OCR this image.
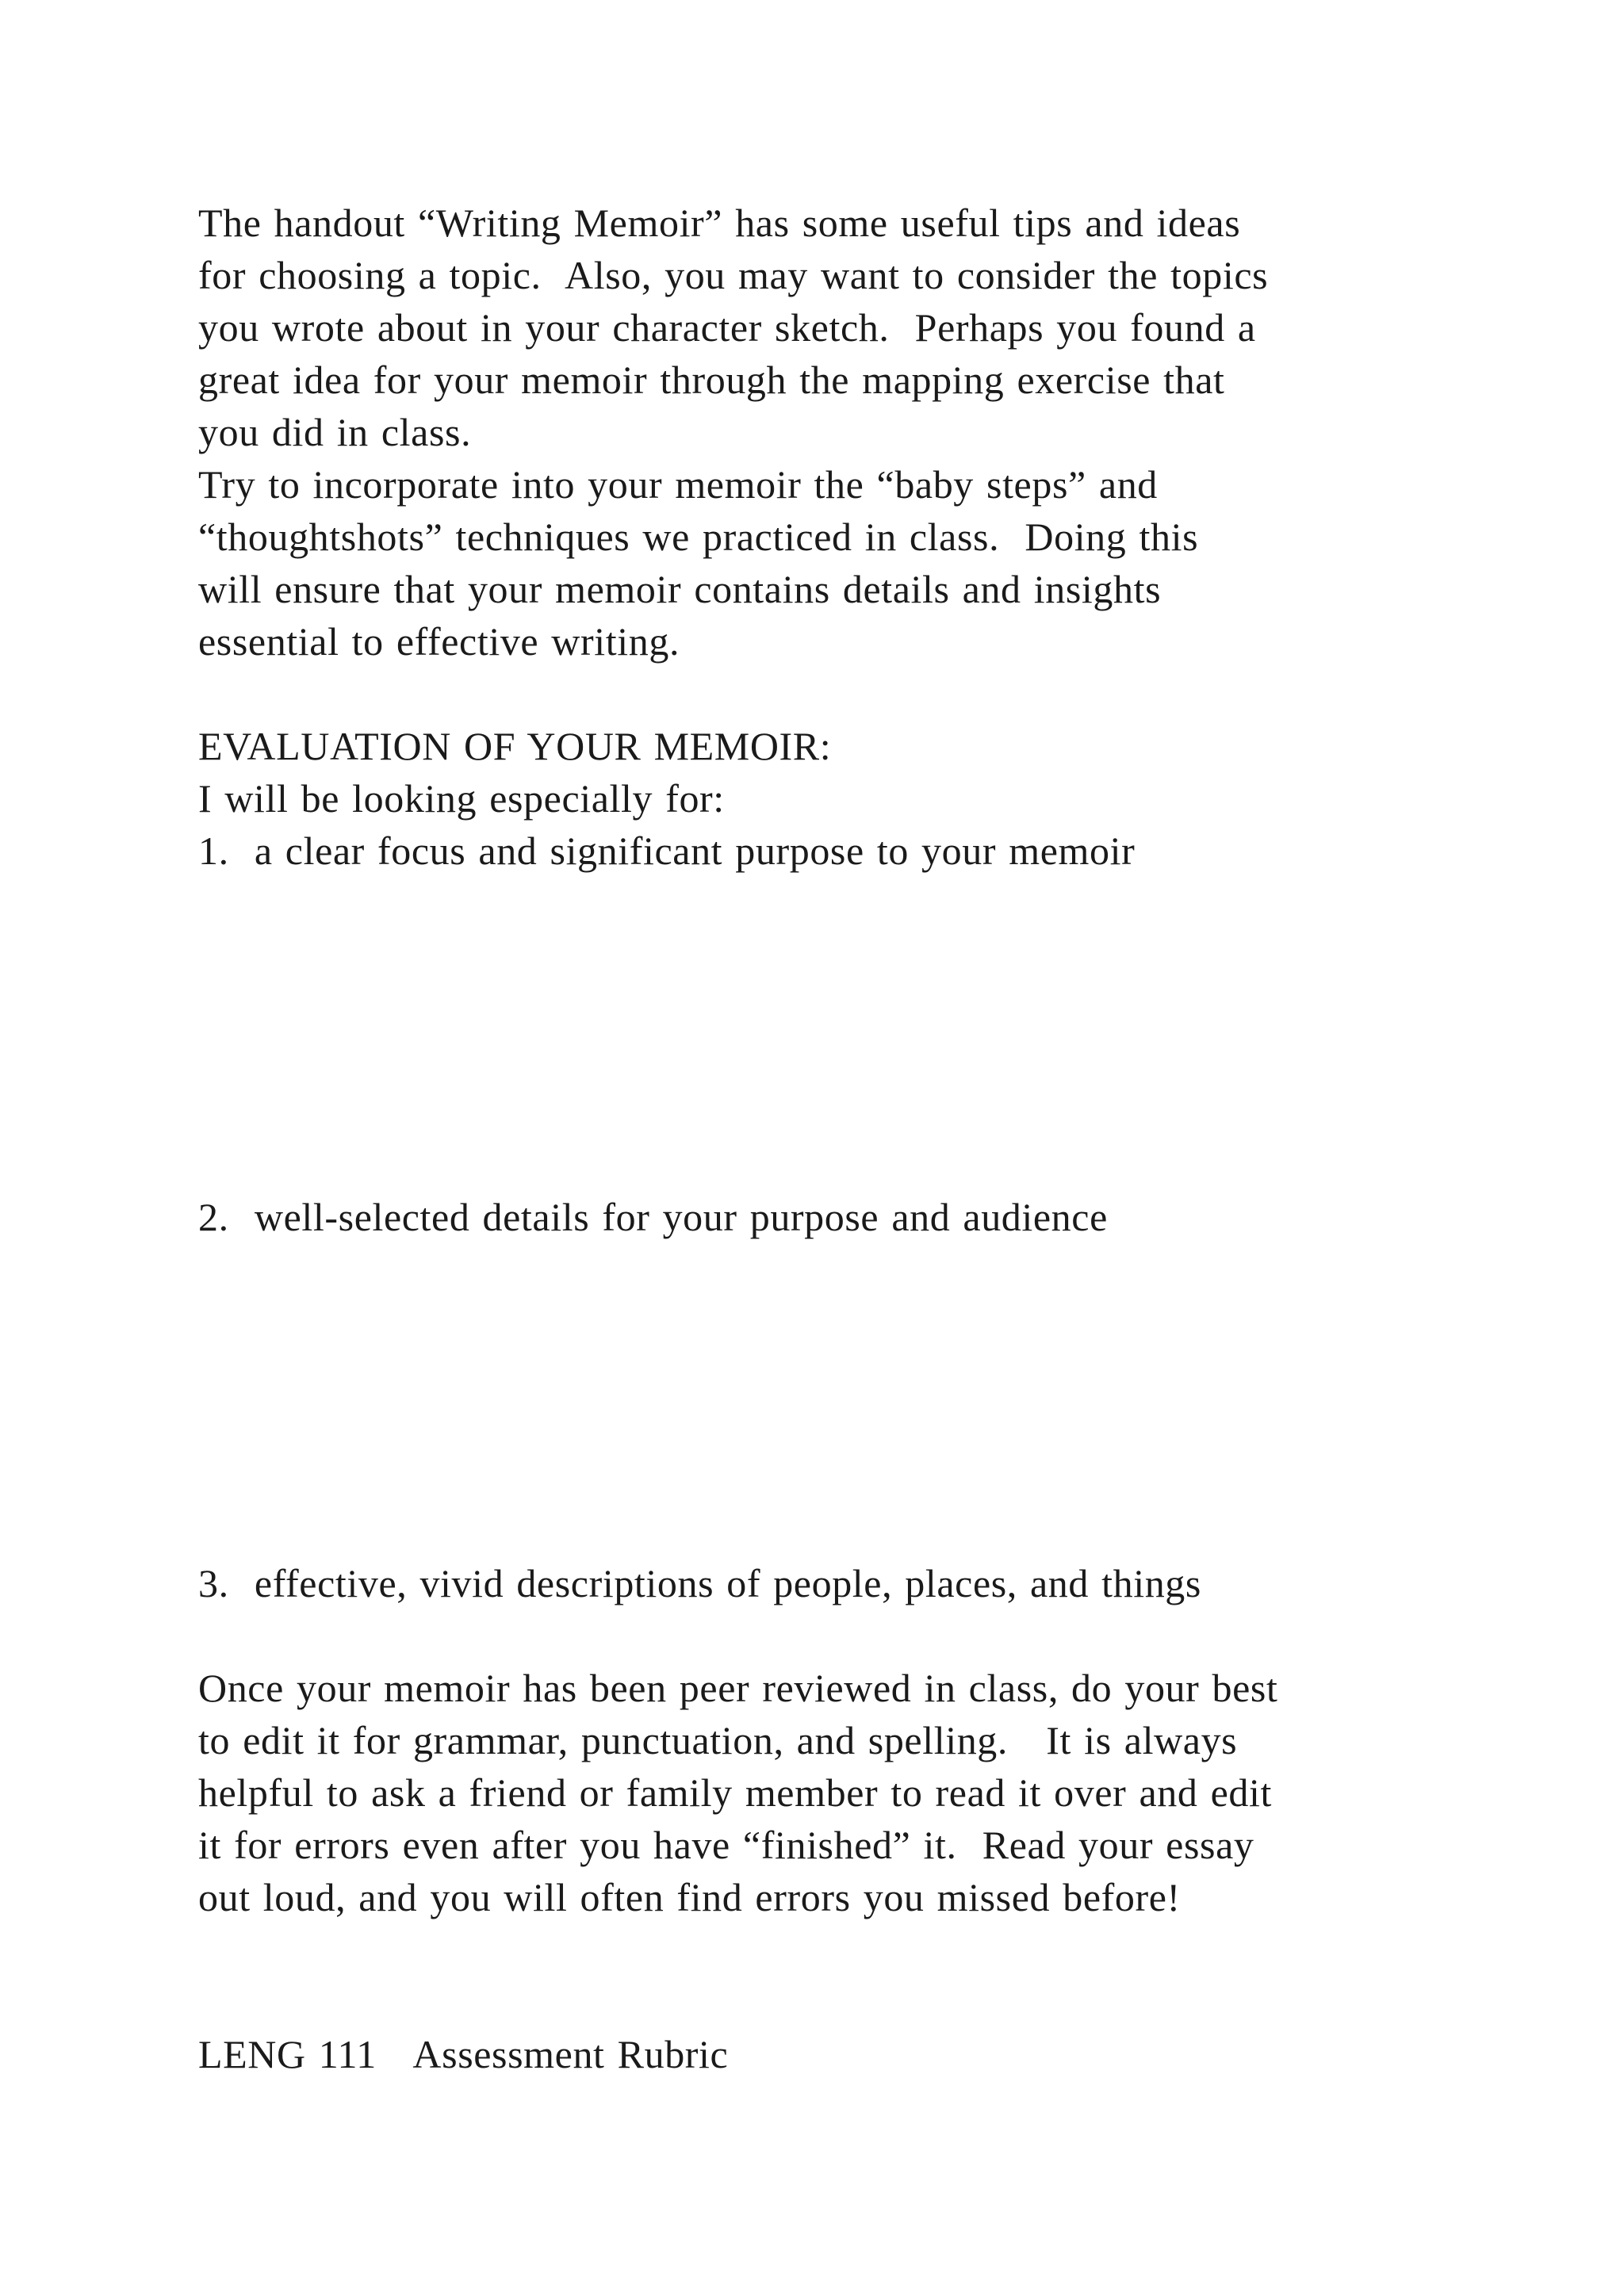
The handout “Writing Memoir” has some useful tips and ideas
for choosing a topic.  Also, you may want to consider the topics
you wrote about in your character sketch.  Perhaps you found a
great idea for your memoir through the mapping exercise that
you did in class.
Try to incorporate into your memoir the “baby steps” and
“thoughtshots” techniques we practiced in class.  Doing this
will ensure that your memoir contains details and insights
essential to effective writing.
EVALUATION OF YOUR MEMOIR:
I will be looking especially for:
1.  a clear focus and significant purpose to your memoir
2.  well-selected details for your purpose and audience
3.  effective, vivid descriptions of people, places, and things
Once your memoir has been peer reviewed in class, do your best
to edit it for grammar, punctuation, and spelling.   It is always
helpful to ask a friend or family member to read it over and edit
it for errors even after you have “finished” it.  Read your essay
out loud, and you will often find errors you missed before!
LENG 111   Assessment Rubric
